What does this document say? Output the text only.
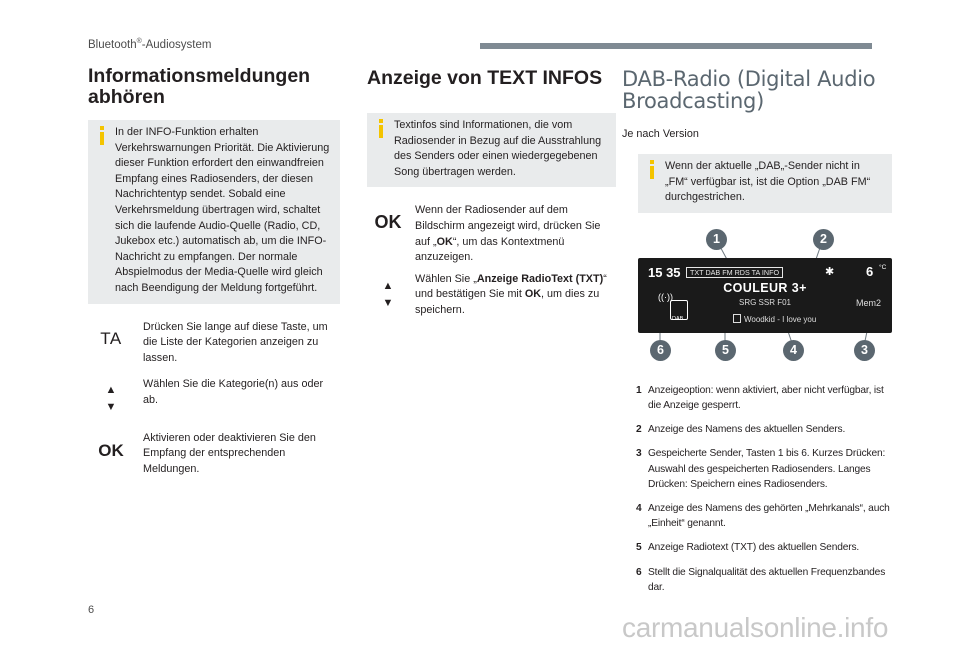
Bluetooth®-Audiosystem
Informationsmeldungen abhören
In der INFO-Funktion erhalten Verkehrswarnungen Priorität. Die Aktivierung dieser Funktion erfordert den einwandfreien Empfang eines Radiosenders, der diesen Nachrichtentyp sendet. Sobald eine Verkehrsmeldung übertragen wird, schaltet sich die laufende Audio-Quelle (Radio, CD, Jukebox etc.) automatisch ab, um die INFO-Nachricht zu empfangen. Der normale Abspielmodus der Media-Quelle wird gleich nach Beendigung der Meldung fortgeführt.
TA
Drücken Sie lange auf diese Taste, um die Liste der Kategorien anzeigen zu lassen.
▲
▼
Wählen Sie die Kategorie(n) aus oder ab.
OK
Aktivieren oder deaktivieren Sie den Empfang der entsprechenden Meldungen.
Anzeige von TEXT INFOS
Textinfos sind Informationen, die vom Radiosender in Bezug auf die Ausstrahlung des Senders oder einen wiedergegebenen Song übertragen werden.
OK
Wenn der Radiosender auf dem Bildschirm angezeigt wird, drücken Sie auf „OK“, um das Kontextmenü anzuzeigen.
▲
▼
Wählen Sie „Anzeige RadioText (TXT)“ und bestätigen Sie mit OK, um dies zu speichern.
DAB-Radio (Digital Audio Broadcasting)
Je nach Version
Wenn der aktuelle „DAB„-Sender nicht in „FM“ verfügbar ist, ist die Option „DAB FM“ durchgestrichen.
15 35	TXT DAB FM RDS TA INFO	✱ 6 °C
COULEUR 3+
SRG SSR F01
((·))
DAB
Mem2
Woodkid - I love you
1	2
6	5	4	3
1 Anzeigeoption: wenn aktiviert, aber nicht verfügbar, ist die Anzeige gesperrt.
2 Anzeige des Namens des aktuellen Senders.
3 Gespeicherte Sender, Tasten 1 bis 6. Kurzes Drücken: Auswahl des gespeicherten Radiosenders. Langes Drücken: Speichern eines Radiosenders.
4 Anzeige des Namens des gehörten „Mehrkanals“, auch „Einheit“ genannt.
5 Anzeige Radiotext (TXT) des aktuellen Senders.
6 Stellt die Signalqualität des aktuellen Frequenzbandes dar.
6
carmanualsonline.info
